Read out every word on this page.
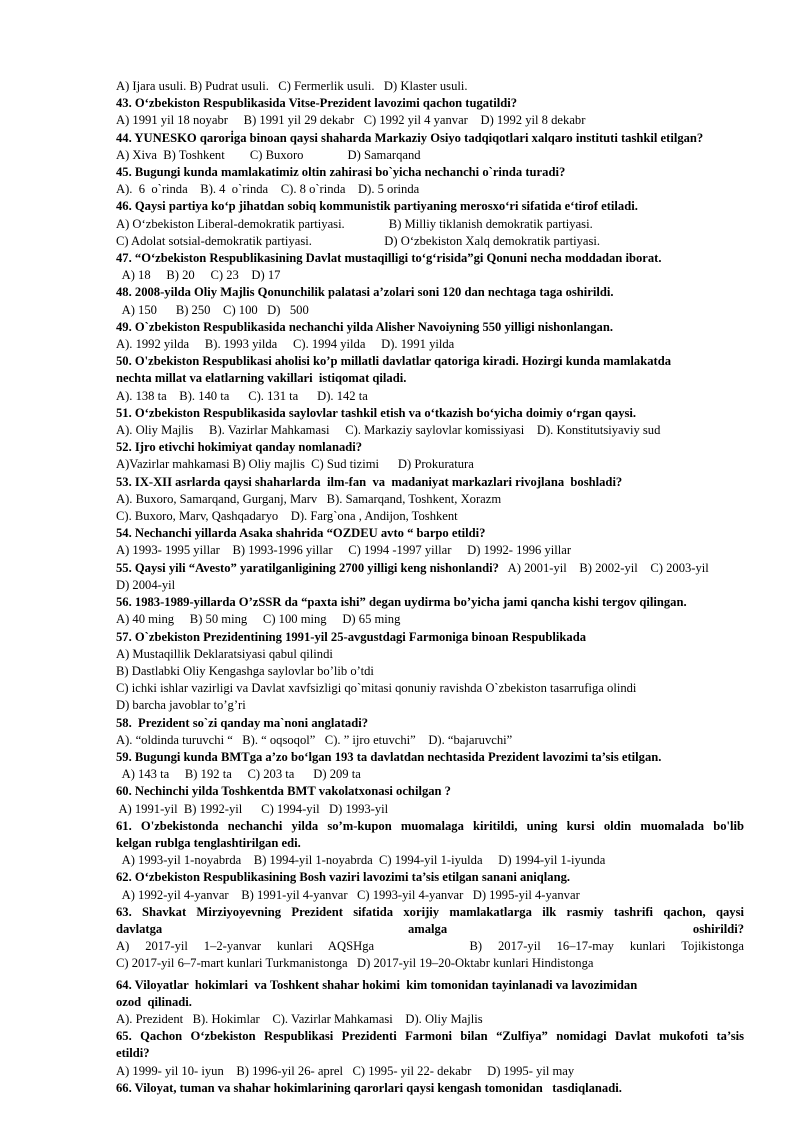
A) Ijara usuli. B) Pudrat usuli.   C) Fermerlik usuli.   D) Klaster usuli.
43. O‘zbekiston Respublikasida Vitse-Prezident lavozimi qachon tugatildi?
A) 1991 yil 18 noyabr     B) 1991 yil 29 dekabr   C) 1992 yil 4 yanvar    D) 1992 yil 8 dekabr
44. YUNESKO qarori̇ga binoan qaysi shaharda Markaziy Osiyo tadqiqotlari xalqaro instituti tashkil etilgan?
A) Xiva  B) Toshkent        C) Buxoro              D) Samarqand
45. Bugungi kunda mamlakatimiz oltin zahirasi bo`yicha nechanchi o`rinda turadi?
A).  6  o`rinda    B). 4  o`rinda    C). 8 o`rinda    D). 5 orinda
46. Qaysi partiya ko‘p jihatdan sobiq kommunistik partiyaning merosxo‘ri sifatida e‘tirof etiladi.
A) O‘zbekiston Liberal-demokratik partiyasi.              B) Milliy tiklanish demokratik partiyasi.
C) Adolat sotsial-demokratik partiyasi.                       D) O‘zbekiston Xalq demokratik partiyasi.
47. “O‘zbekiston Respublikasining Davlat mustaqilligi to‘g‘risida”gi Qonuni necha moddadan iborat.
A) 18     B) 20     C) 23    D) 17
48. 2008-yilda Oliy Majlis Qonunchilik palatasi a’zolari soni 120 dan nechtaga taga oshirildi.
A) 150      B) 250    C) 100   D)   500
49. O`zbekiston Respublikasida nechanchi yilda Alisher Navoiyning 550 yilligi nishonlangan.
A). 1992 yilda     B). 1993 yilda     C). 1994 yilda     D). 1991 yilda
50. O'zbekiston Respublikasi aholisi ko’p millatli davlatlar qatoriga kiradi. Hozirgi kunda mamlakatda
nechta millat va elatlarning vakillari  istiqomat qiladi.
A). 138 ta    B). 140 ta      C). 131 ta      D). 142 ta
51. O‘zbekiston Respublikasida saylovlar tashkil etish va o‘tkazish bo‘yicha doimiy o‘rgan qaysi.
A). Oliy Majlis     B). Vazirlar Mahkamasi     C). Markaziy saylovlar komissiyasi    D). Konstitutsiyaviy sud
52. Ijro etivchi hokimiyat qanday nomlanadi?
A)Vazirlar mahkamasi B) Oliy majlis  C) Sud tizimi      D) Prokuratura
53. IX-XII asrlarda qaysi shaharlarda  ilm-fan  va  madaniyat markazlari rivojlana  boshladi?
A). Buxoro, Samarqand, Gurganj, Marv   B). Samarqand, Toshkent, Xorazm
C). Buxoro, Marv, Qashqadaryo    D). Farg`ona , Andijon, Toshkent
54. Nechanchi yillarda Asaka shahrida “OZDEU avto “ barpo etildi?
A) 1993- 1995 yillar    B) 1993-1996 yillar     C) 1994 -1997 yillar     D) 1992- 1996 yillar
55. Qaysi yili “Avesto” yaratilganligining 2700 yilligi keng nishonlandi?   A) 2001-yil    B) 2002-yil    C) 2003-yil
D) 2004-yil
56. 1983-1989-yillarda O’zSSR da “paxta ishi” degan uydirma bo’yicha jami qancha kishi tergov qilingan.
A) 40 ming     B) 50 ming     C) 100 ming     D) 65 ming
57. O`zbekiston Prezidentining 1991-yil 25-avgustdagi Farmoniga binoan Respublikada
A) Mustaqillik Deklaratsiyasi qabul qilindi
B) Dastlabki Oliy Kengashga saylovlar bo’lib o’tdi
C) ichki ishlar vazirligi va Davlat xavfsizligi qo`mitasi qonuniy ravishda O`zbekiston tasarrufiga olindi
D) barcha javoblar to’g’ri
58.  Prezident so`zi qanday ma`noni anglatadi?
A). “oldinda turuvchi “   B). “ oqsoqol”   C). ” ijro etuvchi”    D). “bajaruvchi”
59. Bugungi kunda BMTga a’zo bo‘lgan 193 ta davlatdan nechtasida Prezident lavozimi ta’sis etilgan.
A) 143 ta     B) 192 ta     C) 203 ta      D) 209 ta
60. Nechinchi yilda Toshkentda BMT vakolatxonasi ochilgan ?
A) 1991-yil  B) 1992-yil      C) 1994-yil   D) 1993-yil
61.  O'zbekistonda  nechanchi  yilda  so’m-kupon  muomalaga  kiritildi,  uning  kursi  oldin  muomalada  bo'lib
kelgan rublga tenglashtirilgan edi.
A) 1993-yil 1-noyabrda    B) 1994-yil 1-noyabrda  C) 1994-yil 1-iyulda     D) 1994-yil 1-iyunda
62. O‘zbekiston Respublikasining Bosh vaziri lavozimi ta’sis etilgan sanani aniqlang.
A) 1992-yil 4-yanvar    B) 1991-yil 4-yanvar   C) 1993-yil 4-yanvar   D) 1995-yil 4-yanvar
63.  Shavkat  Mirziyoyevning  Prezident  sifatida  xorijiy  mamlakatlarga  ilk  rasmiy  tashrifi  qachon,  qaysi
davlatga                                                   amalga                                                   oshirildi?
A)   2017-yil   1–2-yanvar   kunlari   AQSHga                  B)   2017-yil   16–17-may   kunlari   Tojikistonga
C) 2017-yil 6–7-mart kunlari Turkmanistonga   D) 2017-yil 19–20-Oktabr kunlari Hindistonga
64. Viloyatlar  hokimlari  va Toshkent shahar hokimi  kim tomonidan tayinlanadi va lavozimidan
ozod  qilinadi.
A). Prezident   B). Hokimlar    C). Vazirlar Mahkamasi    D). Oliy Majlis
65.  Qachon  O‘zbekiston  Respublikasi  Prezidenti  Farmoni  bilan  “Zulfiya”  nomidagi  Davlat  mukofoti  ta’sis
etildi?
A) 1999- yil 10- iyun    B) 1996-yil 26- aprel   C) 1995- yil 22- dekabr     D) 1995- yil may
66. Viloyat, tuman va shahar hokimlarining qarorlari qaysi kengash tomonidan   tasdiqlanadi.
